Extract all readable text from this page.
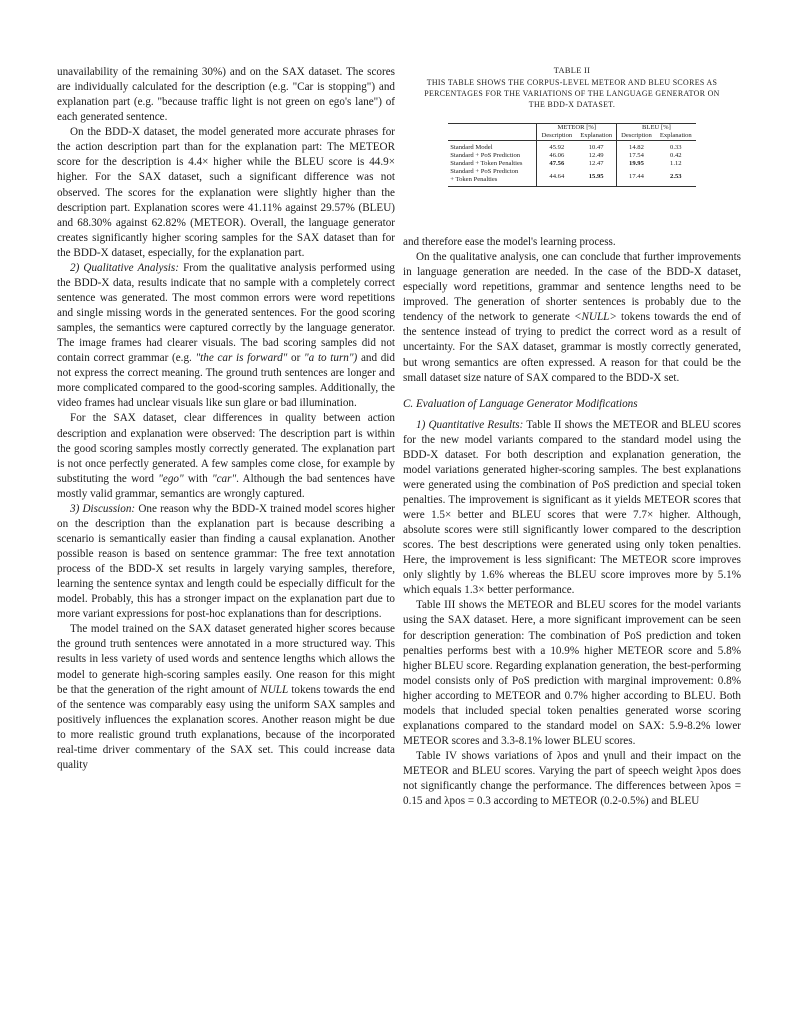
unavailability of the remaining 30%) and on the SAX dataset. The scores are individually calculated for the description (e.g. "Car is stopping") and explanation part (e.g. "because traffic light is not green on ego's lane") of each generated sentence.

On the BDD-X dataset, the model generated more accurate phrases for the action description part than for the explanation part: The METEOR score for the description is 4.4× higher while the BLEU score is 44.9× higher. For the SAX dataset, such a significant difference was not observed. The scores for the explanation were slightly higher than the description part. Explanation scores were 41.11% against 29.57% (BLEU) and 68.30% against 62.82% (METEOR). Overall, the language generator creates significantly higher scoring samples for the SAX dataset than for the BDD-X dataset, especially, for the explanation part.

2) Qualitative Analysis: From the qualitative analysis performed using the BDD-X data, results indicate that no sample with a completely correct sentence was generated. The most common errors were word repetitions and single missing words in the generated sentences. For the good scoring samples, the semantics were captured correctly by the language generator. The image frames had clearer visuals. The bad scoring samples did not contain correct grammar (e.g. "the car is forward" or "a to turn") and did not express the correct meaning. The ground truth sentences are longer and more complicated compared to the good-scoring samples. Additionally, the video frames had unclear visuals like sun glare or bad illumination.

For the SAX dataset, clear differences in quality between action description and explanation were observed: The description part is within the good scoring samples mostly correctly generated. The explanation part is not once perfectly generated. A few samples come close, for example by substituting the word "ego" with "car". Although the bad sentences have mostly valid grammar, semantics are wrongly captured.

3) Discussion: One reason why the BDD-X trained model scores higher on the description than the explanation part is because describing a scenario is semantically easier than finding a causal explanation. Another possible reason is based on sentence grammar: The free text annotation process of the BDD-X set results in largely varying samples, therefore, learning the sentence syntax and length could be especially difficult for the model. Probably, this has a stronger impact on the explanation part due to more variant expressions for post-hoc explanations than for descriptions.

The model trained on the SAX dataset generated higher scores because the ground truth sentences were annotated in a more structured way. This results in less variety of used words and sentence lengths which allows the model to generate high-scoring samples easily. One reason for this might be that the generation of the right amount of NULL tokens towards the end of the sentence was comparably easy using the uniform SAX samples and positively influences the explanation scores. Another reason might be due to more realistic ground truth explanations, because of the incorporated real-time driver commentary of the SAX set. This could increase data quality

TABLE II
THIS TABLE SHOWS THE CORPUS-LEVEL METEOR AND BLEU SCORES AS PERCENTAGES FOR THE VARIATIONS OF THE LANGUAGE GENERATOR ON THE BDD-X DATASET.
	METEOR [%]		BLEU [%]	
	Description	Explanation	Description	Explanation
Standard Model	45.92	10.47	14.82	0.33
Standard + PoS Prediction	46.06	12.49	17.54	0.42
Standard + Token Penalties	47.56	12.47	19.95	1.12
Standard + PoS Predicton
+ Token Penalties	44.64	15.95	17.44	2.53

and therefore ease the model's learning process.

On the qualitative analysis, one can conclude that further improvements in language generation are needed. In the case of the BDD-X dataset, especially word repetitions, grammar and sentence lengths need to be improved. The generation of shorter sentences is probably due to the tendency of the network to generate <NULL> tokens towards the end of the sentence instead of trying to predict the correct word as a result of uncertainty. For the SAX dataset, grammar is mostly correctly generated, but wrong semantics are often expressed. A reason for that could be the small dataset size nature of SAX compared to the BDD-X set.

C. Evaluation of Language Generator Modifications

1) Quantitative Results: Table II shows the METEOR and BLEU scores for the new model variants compared to the standard model using the BDD-X dataset. For both description and explanation generation, the model variations generated higher-scoring samples. The best explanations were generated using the combination of PoS prediction and special token penalties. The improvement is significant as it yields METEOR scores that were 1.5× better and BLEU scores that were 7.7× higher. Although, absolute scores were still significantly lower compared to the description scores. The best descriptions were generated using only token penalties. Here, the improvement is less significant: The METEOR score improves only slightly by 1.6% whereas the BLEU score improves more by 5.1% which equals 1.3× better performance.

Table III shows the METEOR and BLEU scores for the model variants using the SAX dataset. Here, a more significant improvement can be seen for description generation: The combination of PoS prediction and token penalties performs best with a 10.9% higher METEOR score and 5.8% higher BLEU score. Regarding explanation generation, the best-performing model consists only of PoS prediction with marginal improvement: 0.8% higher according to METEOR and 0.7% higher according to BLEU. Both models that included special token penalties generated worse scoring explanations compared to the standard model on SAX: 5.9-8.2% lower METEOR scores and 3.3-8.1% lower BLEU scores.

Table IV shows variations of λpos and γnull and their impact on the METEOR and BLEU scores. Varying the part of speech weight λpos does not significantly change the performance. The differences between λpos = 0.15 and λpos = 0.3 according to METEOR (0.2-0.5%) and BLEU
